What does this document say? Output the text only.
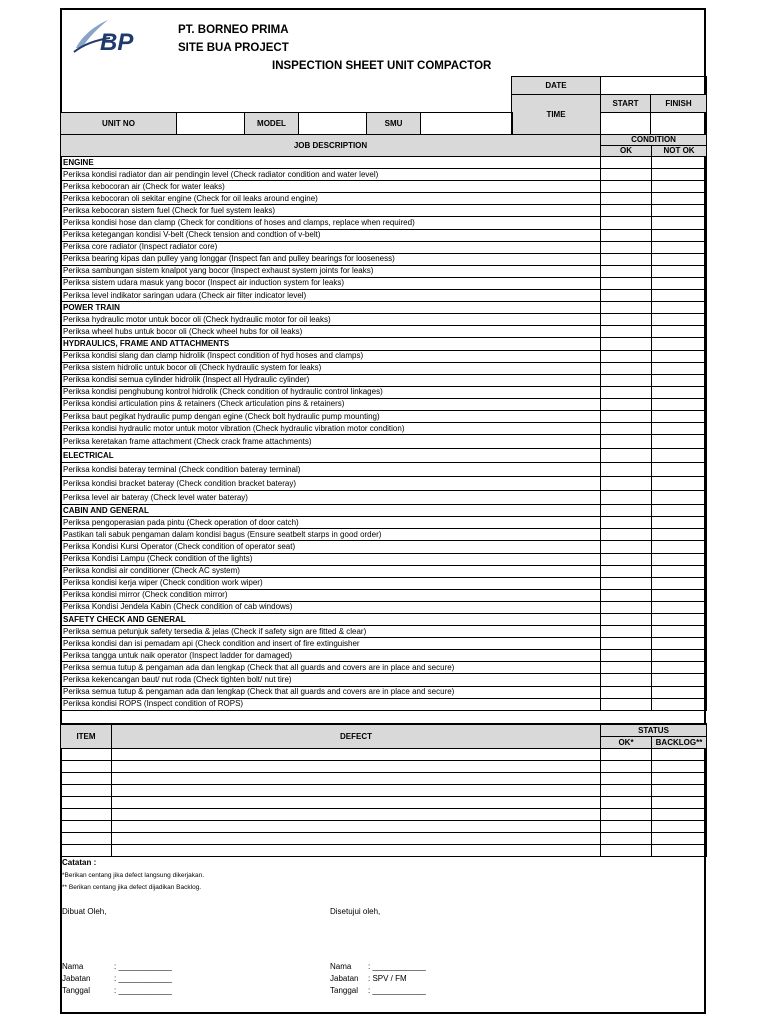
BP	PT. BORNEO PRIMA
SITE BUA PROJECT
INSPECTION SHEET UNIT COMPACTOR
DATE		
TIME	START	FINISH

UNIT NO		MODEL		SMU	
JOB DESCRIPTION	CONDITION	
	OK	NOT OK
ENGINE		
Periksa kondisi radiator dan air pendingin level (Check radiator condition and water level)		
Periksa kebocoran air (Check for water leaks)		
Periksa kebocoran oli sekitar engine (Check for oil leaks around engine)		
Periksa kebocoran sistem fuel (Check for fuel system leaks)		
Periksa kondisi hose dan clamp (Check for conditions of hoses and clamps, replace when required)		
Periksa ketegangan kondisi V-belt (Check tension and condtion of v-belt)		
Periksa core radiator (Inspect radiator core)		
Periksa bearing kipas dan pulley yang longgar (Inspect fan and pulley bearings for looseness)		
Periksa sambungan sistem knalpot yang bocor (Inspect exhaust system joints for leaks)		
Periksa sistem udara masuk yang bocor (Inspect air induction system for leaks)		
Periksa level indikator saringan udara (Check air filter indicator level)		
POWER TRAIN		
Periksa hydraulic motor untuk bocor oli (Check hydraulic motor for oil leaks)		
Periksa wheel hubs untuk bocor oli (Check wheel hubs for oil leaks)		
HYDRAULICS, FRAME AND ATTACHMENTS		
Periksa kondisi slang dan clamp hidrolik (Inspect condition of hyd hoses and clamps)		
Periksa sistem hidrolic untuk bocor oli (Check hydraulic system for leaks)		
Periksa kondisi semua cylinder hidrolik (Inspect all Hydraulic cylinder)		
Periksa kondisi penghubung kontrol hidrolik (Check condition of hydraulic control linkages)		
Periksa kondisi articulation pins & retainers (Check articulation pins & retainers)		
Periksa baut pegikat hydraulic pump dengan egine (Check bolt hydraulic pump mounting)		
Periksa kondisi hydraulic motor untuk motor vibration (Check hydraulic vibration motor condition)		
Periksa keretakan frame attachment (Check crack frame attachments)		
ELECTRICAL		
Periksa kondisi bateray terminal (Check condition bateray terminal)		
Periksa kondisi bracket bateray (Check condition bracket bateray)		
Periksa level air bateray (Check level water bateray)		
CABIN AND GENERAL		
Periksa pengoperasian pada pintu (Check operation of door catch)		
Pastikan tali sabuk pengaman dalam kondisi bagus (Ensure seatbelt starps in good order)		
Periksa Kondisi Kursi Operator (Check condition of operator seat)		
Periksa Kondisi Lampu (Check condition of the lights)		
Periksa kondisi air conditioner (Check AC system)		
Periksa kondisi kerja wiper (Check condition work wiper)		
Periksa kondisi mirror (Check condition mirror)		
Periksa Kondisi Jendela Kabin (Check condition of cab windows)		
SAFETY CHECK AND GENERAL		
Periksa semua petunjuk safety tersedia & jelas (Check if safety sign are fitted & clear)		
Periksa kondisi dan isi pemadam api (Check condition and insert of fire extinguisher		
Periksa tangga untuk naik operator (Inspect ladder for damaged)		
Periksa semua tutup & pengaman ada dan lengkap (Check that all guards and covers are in place and secure)		
Periksa kekencangan baut/ nut roda (Check tighten bolt/ nut tire)		
Periksa semua tutup & pengaman ada dan lengkap (Check that all guards and covers are in place and secure)		
Periksa kondisi ROPS (Inspect condition of ROPS)		

ITEM	DEFECT	STATUS	
		OK*	BACKLOG**

Catatan :
*Berikan centang jika defect langsung dikerjakan.
** Berikan centang jika defect dijadikan Backlog.
Dibuat Oleh,	Disetujui oleh,
Nama	: ____________
Jabatan	: ____________
Tanggal	: ____________
Nama : ____________
Jabatan : SPV / FM
Tanggal : ____________
